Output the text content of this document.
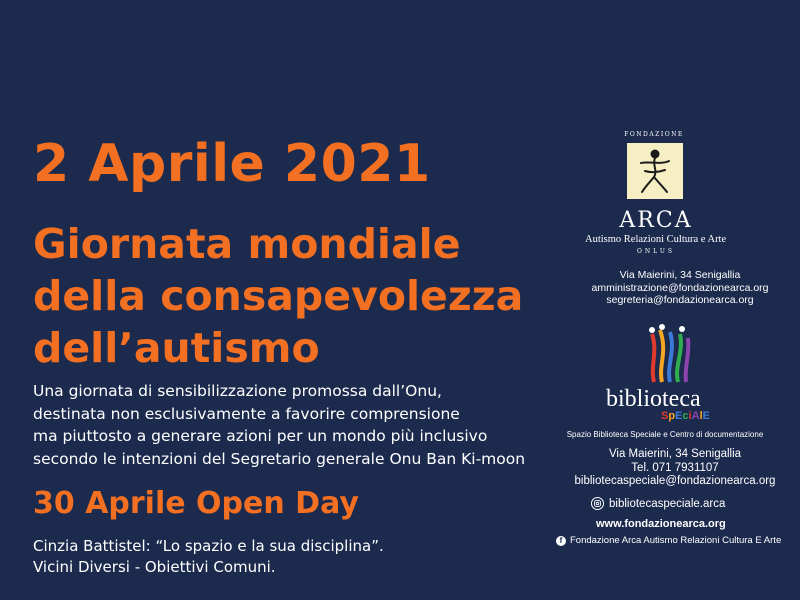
2 Aprile 2021
Giornata mondiale
della consapevolezza
dell’autismo
Una giornata di sensibilizzazione promossa dall’Onu,
destinata non esclusivamente a favorire comprensione
ma piuttosto a generare azioni per un mondo più inclusivo
secondo le intenzioni del Segretario generale Onu Ban Ki-moon
30 Aprile Open Day
Cinzia Battistel: “Lo spazio e la sua disciplina”.
Vicini Diversi - Obiettivi Comuni.
FONDAZIONE
ARCA
Autismo Relazioni Cultura e Arte
ONLUS
Via Maierini, 34 Senigallia
amministrazione@fondazionearca.org
segreteria@fondazionearca.org
biblioteca
SpEciAlE
Spazio Biblioteca Speciale e Centro di documentazione
Via Maierini, 34 Senigallia
Tel. 071 7931107
bibliotecaspeciale@fondazionearca.org
bibliotecaspeciale.arca
www.fondazionearca.org
f Fondazione Arca Autismo Relazioni Cultura E Arte
